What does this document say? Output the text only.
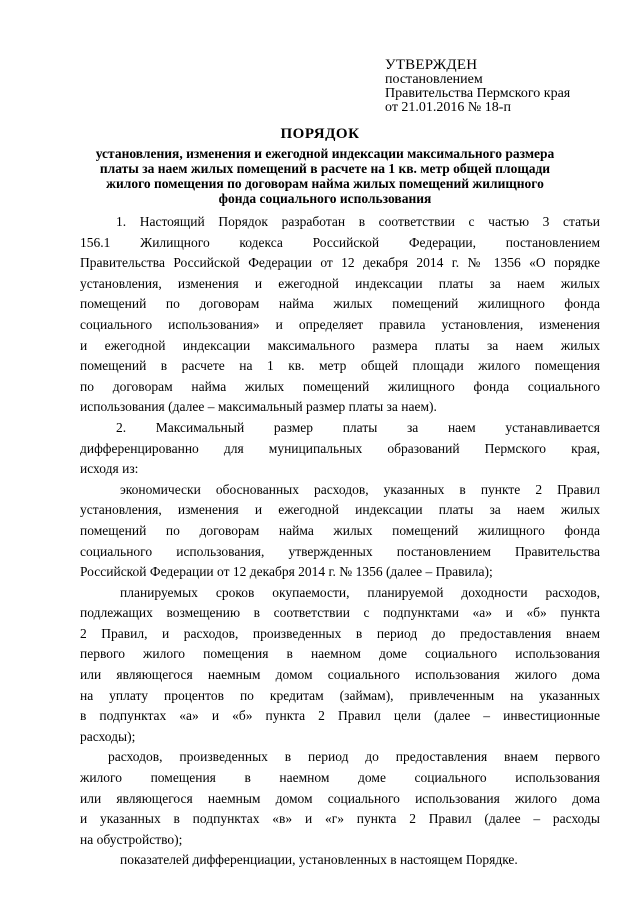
УТВЕРЖДЕН
постановлением
Правительства Пермского края
от 21.01.2016 № 18-п
ПОРЯДОК
установления, изменения и ежегодной индексации максимального размера
платы за наем жилых помещений в расчете на 1 кв. метр общей площади
жилого помещения по договорам найма жилых помещений жилищного
фонда социального использования
1. Настоящий Порядок разработан в соответствии с частью 3 статьи
156.1 Жилищного кодекса Российской Федерации, постановлением
Правительства Российской Федерации от 12 декабря 2014 г. № 1356 «О порядке
установления, изменения и ежегодной индексации платы за наем жилых
помещений по договорам найма жилых помещений жилищного фонда
социального использования» и определяет правила установления, изменения
и ежегодной индексации максимального размера платы за наем жилых
помещений в расчете на 1 кв. метр общей площади жилого помещения
по договорам найма жилых помещений жилищного фонда социального
использования (далее – максимальный размер платы за наем).
2. Максимальный размер платы за наем устанавливается
дифференцированно для муниципальных образований Пермского края,
исходя из:
экономически обоснованных расходов, указанных в пункте 2 Правил
установления, изменения и ежегодной индексации платы за наем жилых
помещений по договорам найма жилых помещений жилищного фонда
социального использования, утвержденных постановлением Правительства
Российской Федерации от 12 декабря 2014 г. № 1356 (далее – Правила);
планируемых сроков окупаемости, планируемой доходности расходов,
подлежащих возмещению в соответствии с подпунктами «а» и «б» пункта
2 Правил, и расходов, произведенных в период до предоставления внаем
первого жилого помещения в наемном доме социального использования
или являющегося наемным домом социального использования жилого дома
на уплату процентов по кредитам (займам), привлеченным на указанных
в подпунктах «а» и «б» пункта 2 Правил цели (далее – инвестиционные
расходы);
расходов, произведенных в период до предоставления внаем первого
жилого помещения в наемном доме социального использования
или являющегося наемным домом социального использования жилого дома
и указанных в подпунктах «в» и «г» пункта 2 Правил (далее – расходы
на обустройство);
показателей дифференциации, установленных в настоящем Порядке.
